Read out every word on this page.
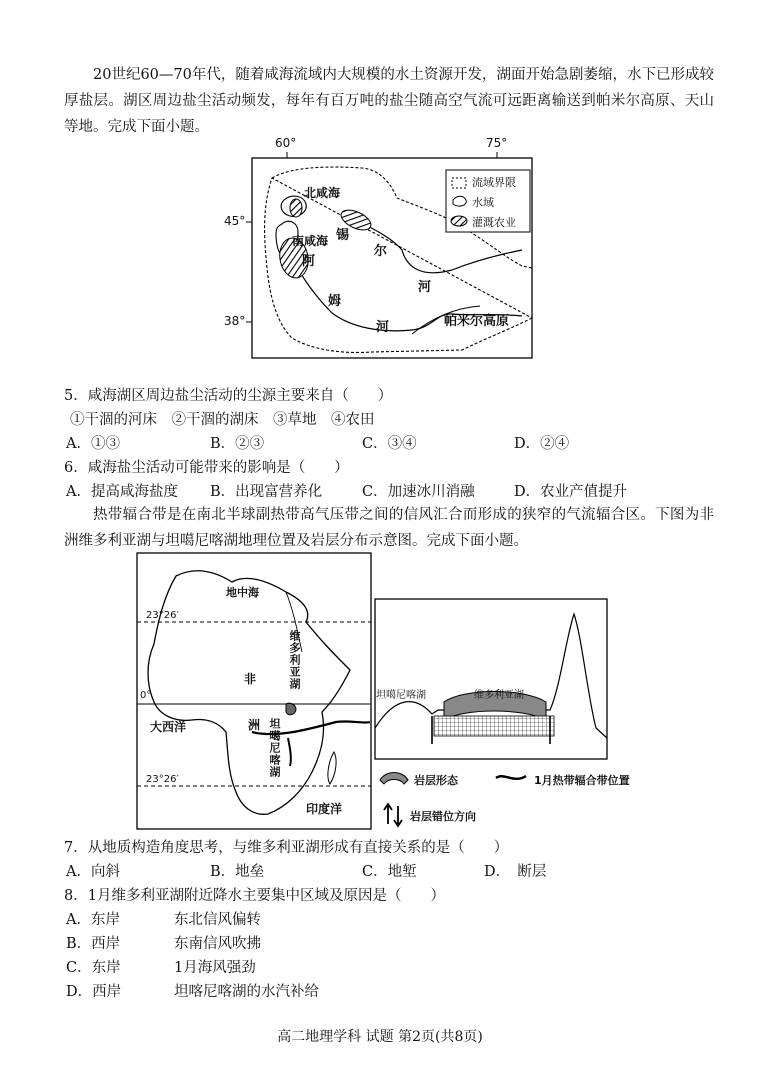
20世纪60—70年代，随着咸海流域内大规模的水土资源开发，湖面开始急剧萎缩，水下已形成较厚盐层。湖区周边盐尘活动频发，每年有百万吨的盐尘随高空气流可远距离输送到帕米尔高原、天山等地。完成下面小题。

60°	75°
45°
38°
北咸海
南咸海 锡
尔
河
阿
姆
河	帕米尔高原
流域界限
水域
灌溉农业

5．咸海湖区周边盐尘活动的尘源主要来自（　　）

①干涸的河床　②干涸的湖床　③草地　④农田

A．①③	B．②③	C．③④	D．②④

6．咸海盐尘活动可能带来的影响是（　　）

A．提高咸海盐度 B．出现富营养化	C．加速冰川消融	D．农业产值提升

热带辐合带是在南北半球副热带高气压带之间的信风汇合而形成的狭窄的气流辐合区。下图为非洲维多利亚湖与坦噶尼喀湖地理位置及岩层分布示意图。完成下面小题。

地中海
23°26′
0°
23°26′
大西洋
印度洋
非
洲
维多利亚湖
坦噶尼喀湖
坦噶尼喀湖	维多利亚湖
岩层形态	1月热带辐合带位置
岩层错位方向

7．从地质构造角度思考，与维多利亚湖形成有直接关系的是（　　）

A．向斜	B．地垒	C．地堑	D．　断层

8．1月维多利亚湖附近降水主要集中区域及原因是（　　）

A．东岸	东北信风偏转
B．西岸	东南信风吹拂
C．东岸	1月海风强劲
D．西岸	坦喀尼喀湖的水汽补给
高二地理学科 试题 第2页(共8页)
